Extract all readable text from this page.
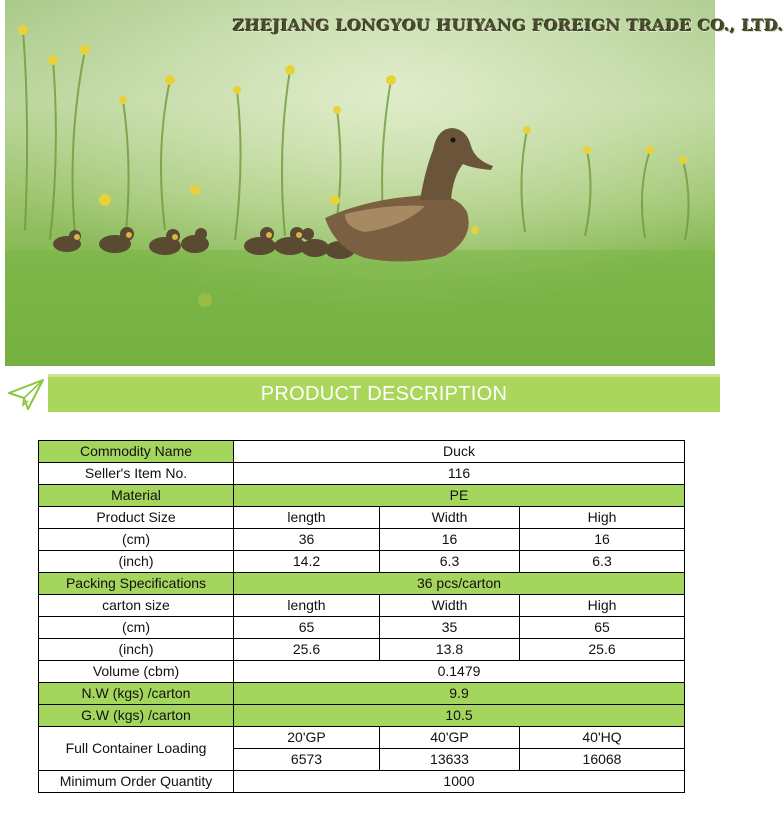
ZHEJIANG LONGYOU HUIYANG FOREIGN TRADE CO., LTD.
PRODUCT DESCRIPTION
Commodity Name	Duck		
Seller's Item No.	116		
Material	PE		
Product Size	length	Width	High
(cm)	36	16	16
(inch)	14.2	6.3	6.3
Packing Specifications	36 pcs/carton		
carton size	length	Width	High
(cm)	65	35	65
(inch)	25.6	13.8	25.6
Volume (cbm)	0.1479		
N.W (kgs) /carton	9.9		
G.W (kgs) /carton	10.5		
Full Container Loading	20'GP	40'GP	40'HQ
	6573	13633	16068
Minimum Order Quantity	1000		
